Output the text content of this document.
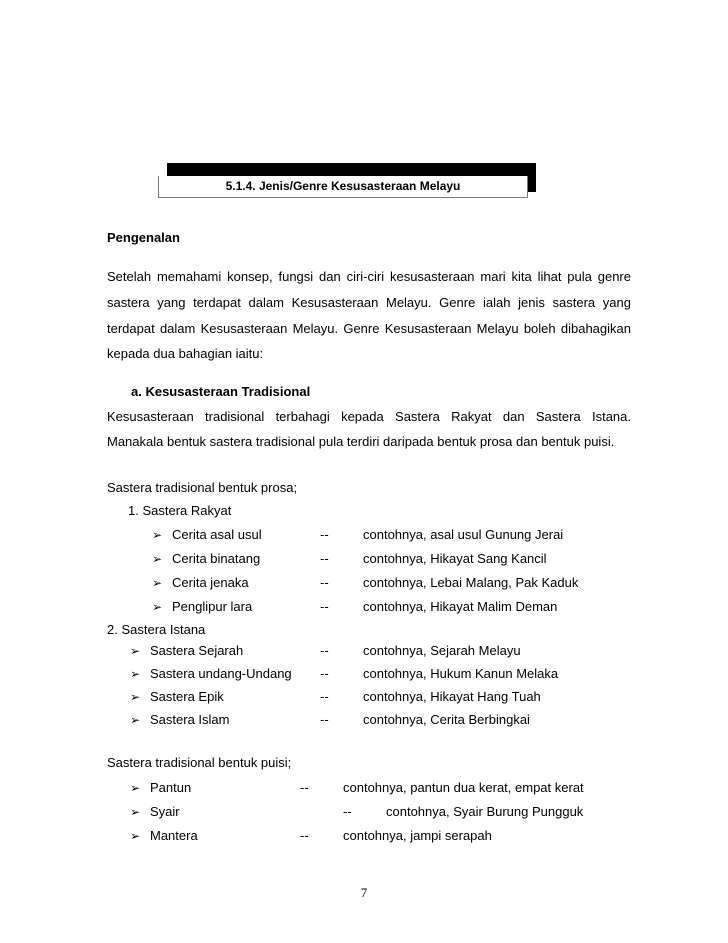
5.1.4. Jenis/Genre Kesusasteraan Melayu
Pengenalan
Setelah memahami konsep, fungsi dan ciri-ciri kesusasteraan mari kita lihat pula genre
sastera yang terdapat dalam Kesusasteraan Melayu. Genre ialah jenis sastera yang
terdapat dalam Kesusasteraan Melayu. Genre Kesusasteraan Melayu boleh dibahagikan
kepada dua bahagian iaitu:
a. Kesusasteraan Tradisional
Kesusasteraan tradisional terbahagi kepada Sastera Rakyat dan Sastera Istana.
Manakala bentuk sastera tradisional pula terdiri daripada bentuk prosa dan bentuk puisi.
Sastera tradisional bentuk prosa;
1. Sastera Rakyat
➢ Cerita asal usul	--	contohnya, asal usul Gunung Jerai
➢ Cerita binatang	--	contohnya, Hikayat Sang Kancil
➢ Cerita jenaka	--	contohnya, Lebai Malang, Pak Kaduk
➢ Penglipur lara	--	contohnya, Hikayat Malim Deman
2. Sastera Istana
➢ Sastera Sejarah	--	contohnya, Sejarah Melayu
➢ Sastera undang-Undang --	contohnya, Hukum Kanun Melaka
➢ Sastera Epik	--	contohnya, Hikayat Hang Tuah
➢ Sastera Islam	--	contohnya, Cerita Berbingkai
Sastera tradisional bentuk puisi;
➢ Pantun	--	contohnya, pantun dua kerat, empat kerat
➢ Syair	--	contohnya, Syair Burung Pungguk
➢ Mantera	--	contohnya, jampi serapah
7
